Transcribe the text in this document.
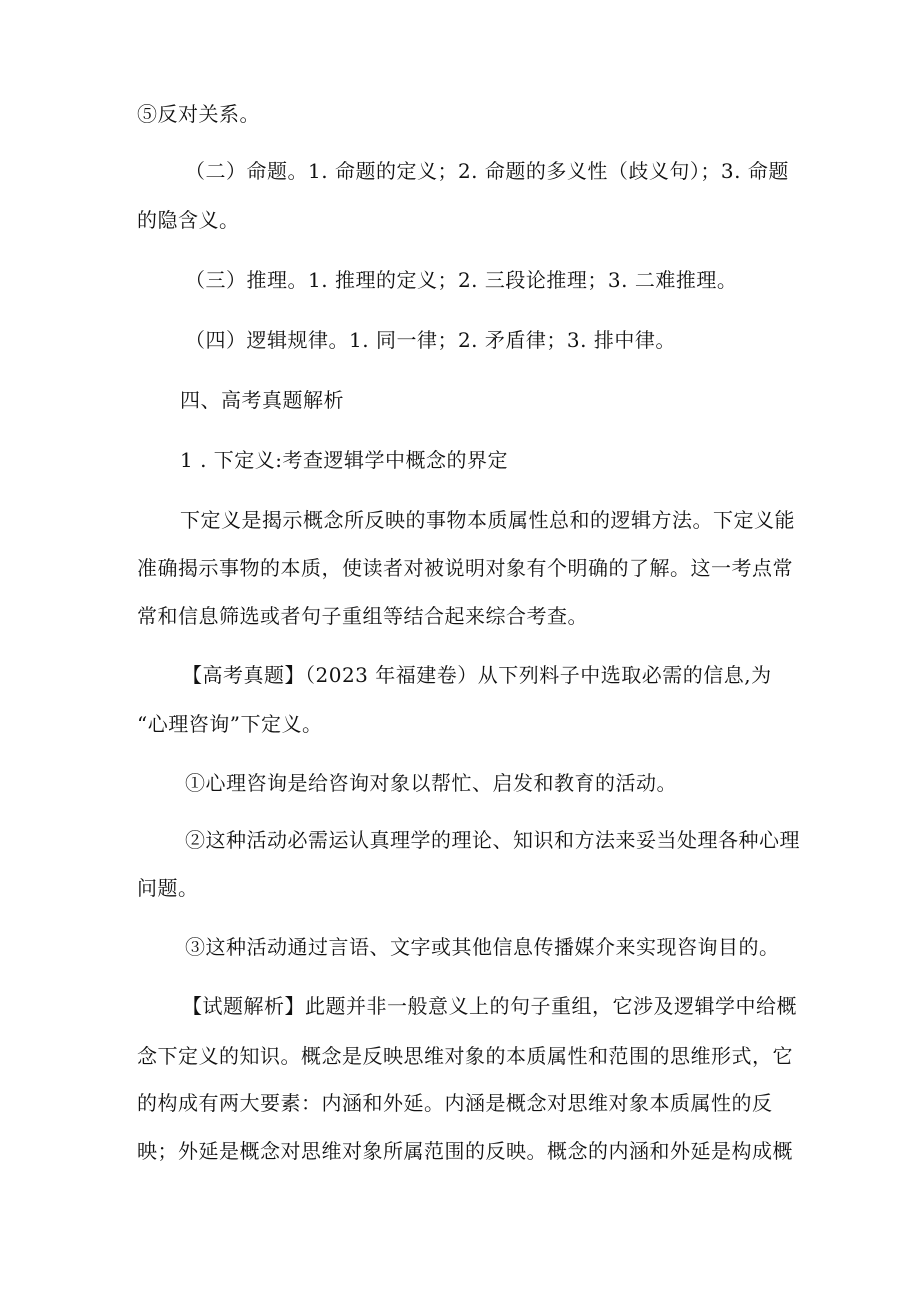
⑤反对关系。
（二）命题。1. 命题的定义；2. 命题的多义性（歧义句）；3. 命题
的隐含义。
（三）推理。1. 推理的定义；2. 三段论推理；3. 二难推理。
（四）逻辑规律。1. 同一律；2. 矛盾律；3. 排中律。
四、高考真题解析
1 . 下定义:考查逻辑学中概念的界定
下定义是揭示概念所反映的事物本质属性总和的逻辑方法。下定义能
准确揭示事物的本质，使读者对被说明对象有个明确的了解。这一考点常
常和信息筛选或者句子重组等结合起来综合考查。
【高考真题】（2023 年福建卷）从下列料子中选取必需的信息,为
“心理咨询”下定义。
①心理咨询是给咨询对象以帮忙、启发和教育的活动。
②这种活动必需运认真理学的理论、知识和方法来妥当处理各种心理
问题。
③这种活动通过言语、文字或其他信息传播媒介来实现咨询目的。
【试题解析】此题并非一般意义上的句子重组，它涉及逻辑学中给概
念下定义的知识。概念是反映思维对象的本质属性和范围的思维形式，它
的构成有两大要素：内涵和外延。内涵是概念对思维对象本质属性的反
映；外延是概念对思维对象所属范围的反映。概念的内涵和外延是构成概
